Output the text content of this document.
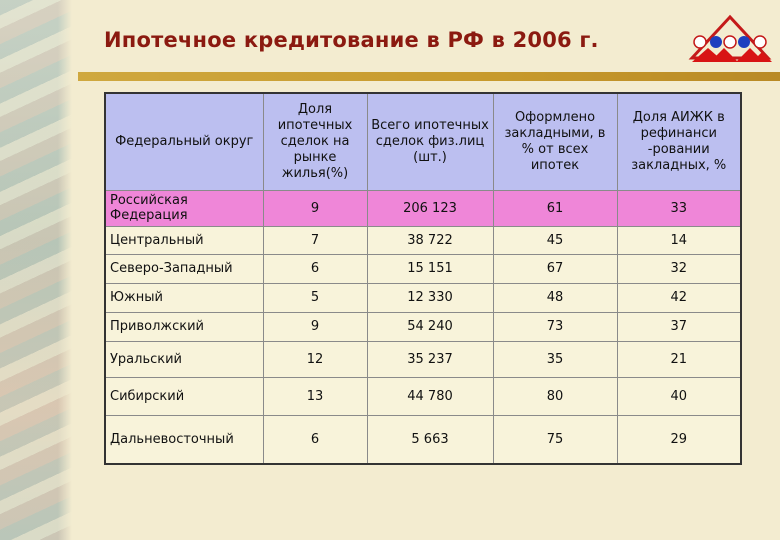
Ипотечное кредитование в РФ в 2006 г.
Федеральный округ	Доля ипотечных сделок на рынке жилья(%)	Всего ипотечных сделок физ.лиц (шт.)	Оформлено закладными, в % от всех ипотек	Доля АИЖК в рефинанси -ровании закладных, %
Российская Федерация	9	206 123	61	33
Центральный	7	38 722	45	14
Северо-Западный	6	15 151	67	32
Южный	5	12 330	48	42
Приволжский	9	54 240	73	37
Уральский	12	35 237	35	21
Сибирский	13	44 780	80	40
Дальневосточный	6	5 663	75	29
